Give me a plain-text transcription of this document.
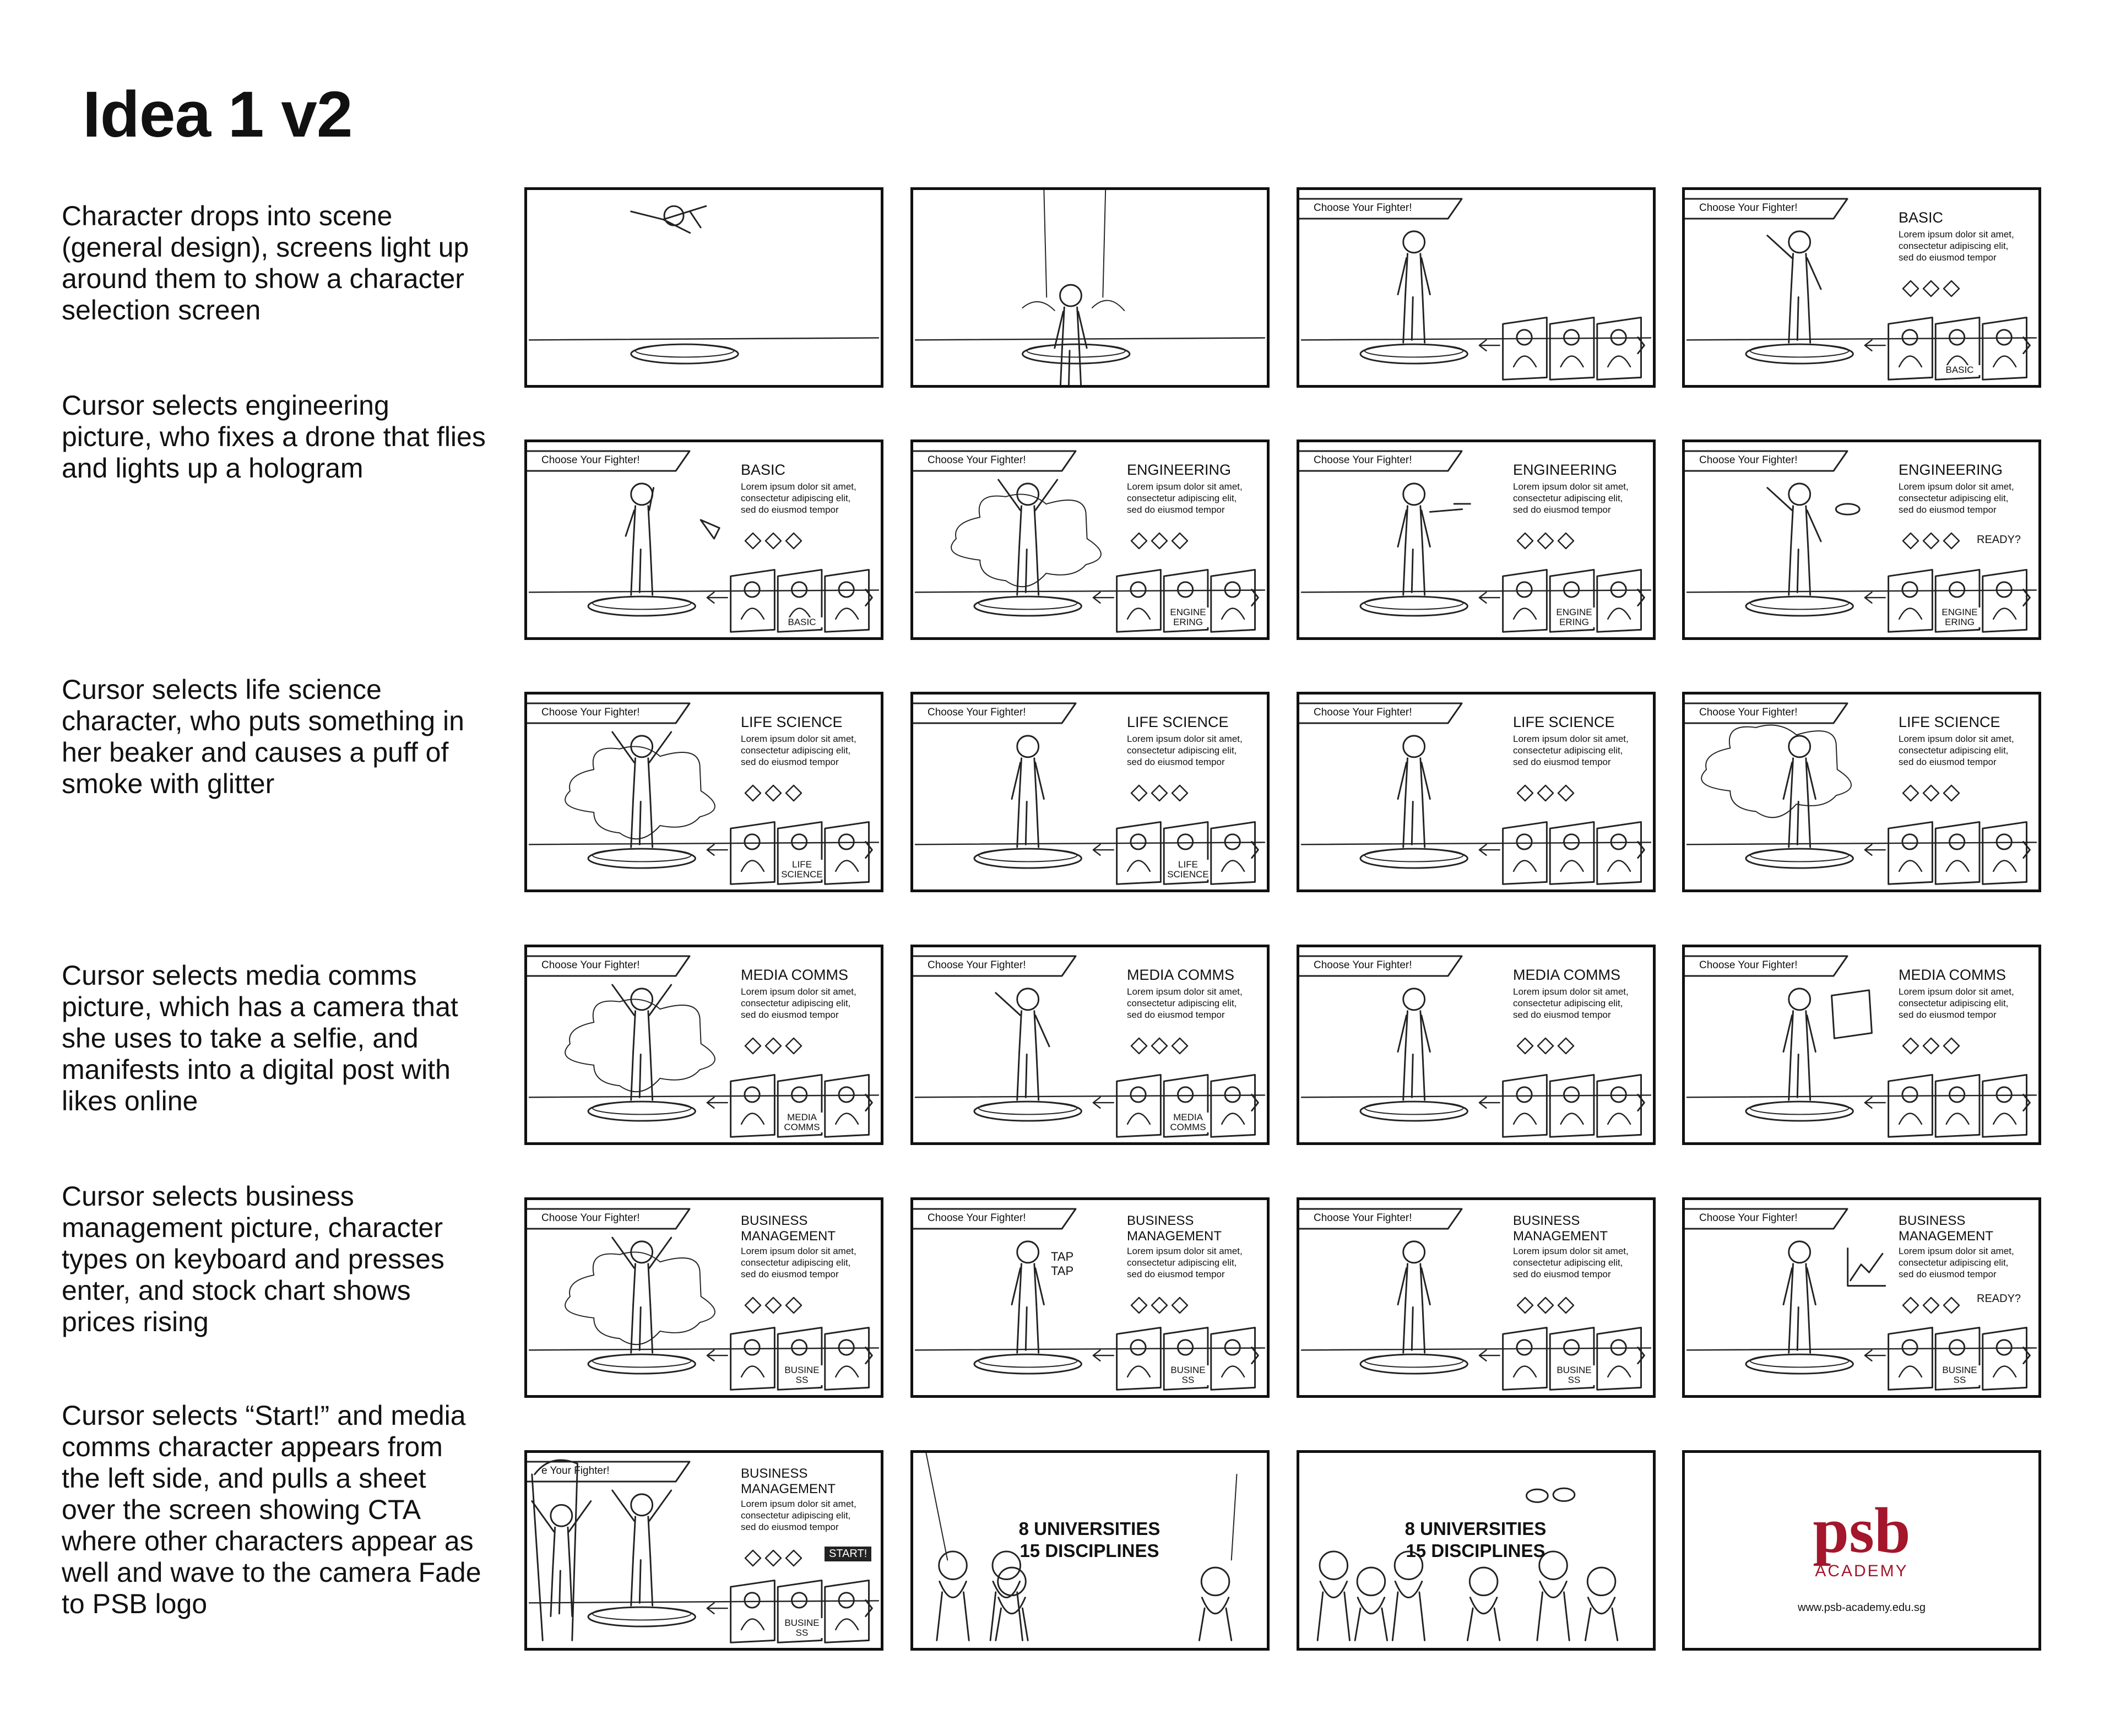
Idea 1 v2

Character drops into scene (general design), screens light up around them to show a character selection screen

Choose Your Fighter!	Choose Your Fighter!
BASIC
Lorem ipsum dolor sit amet, consectetur adipiscing elit, sed do eiusmod tempor
BASIC

Cursor selects engineering picture, who fixes a drone that flies and lights up a hologram	Choose Your Fighter!
BASIC
Lorem ipsum dolor sit amet, consectetur adipiscing elit, sed do eiusmod tempor
BASIC
Choose Your Fighter!
ENGINEERING
Lorem ipsum dolor sit amet, consectetur adipiscing elit, sed do eiusmod tempor
ENGINE
ERING
Choose Your Fighter!
ENGINEERING
Lorem ipsum dolor sit amet, consectetur adipiscing elit, sed do eiusmod tempor
ENGINE
ERING
Choose Your Fighter!
ENGINEERING
Lorem ipsum dolor sit amet, consectetur adipiscing elit, sed do eiusmod tempor
ENGINE
ERING
READY?

Cursor selects life science character, who puts something in her beaker and causes a puff of smoke with glitter

Choose Your Fighter!
LIFE SCIENCE
Lorem ipsum dolor sit amet, consectetur adipiscing elit, sed do eiusmod tempor
LIFE
SCIENCE
Choose Your Fighter!
LIFE SCIENCE
Lorem ipsum dolor sit amet, consectetur adipiscing elit, sed do eiusmod tempor
LIFE
SCIENCE
Choose Your Fighter!
LIFE SCIENCE
Lorem ipsum dolor sit amet, consectetur adipiscing elit, sed do eiusmod tempor
Choose Your Fighter!
LIFE SCIENCE
Lorem ipsum dolor sit amet, consectetur adipiscing elit, sed do eiusmod tempor

Cursor selects media comms picture, which has a camera that she uses to take a selfie, and manifests into a digital post with likes online

Choose Your Fighter!
MEDIA COMMS
Lorem ipsum dolor sit amet, consectetur adipiscing elit, sed do eiusmod tempor
MEDIA
COMMS
Choose Your Fighter!
MEDIA COMMS
Lorem ipsum dolor sit amet, consectetur adipiscing elit, sed do eiusmod tempor
MEDIA
COMMS
Choose Your Fighter!
MEDIA COMMS
Lorem ipsum dolor sit amet, consectetur adipiscing elit, sed do eiusmod tempor
Choose Your Fighter!
MEDIA COMMS
Lorem ipsum dolor sit amet, consectetur adipiscing elit, sed do eiusmod tempor

Cursor selects business management picture, character types on keyboard and presses enter, and stock chart shows prices rising

Choose Your Fighter!	BUSINESS MANAGEMENT
Lorem ipsum dolor sit amet, consectetur adipiscing elit, sed do eiusmod tempor
BUSINE
SS
Choose Your Fighter!	BUSINESS MANAGEMENT
Lorem ipsum dolor sit amet, consectetur adipiscing elit, sed do eiusmod tempor
BUSINE
SS
TAP TAP
Choose Your Fighter!	BUSINESS MANAGEMENT
Lorem ipsum dolor sit amet, consectetur adipiscing elit, sed do eiusmod tempor
BUSINE
SS
Choose Your Fighter!	BUSINESS MANAGEMENT
Lorem ipsum dolor sit amet, consectetur adipiscing elit, sed do eiusmod tempor
BUSINE
SS
READY?

Cursor selects “Start!” and media comms character appears from the left side, and pulls a sheet over the screen showing CTA where other characters appear as well and wave to the camera Fade to PSB logo

e Your Fighter!	BUSINESS MANAGEMENT
Lorem ipsum dolor sit amet, consectetur adipiscing elit, sed do eiusmod tempor
BUSINE
SS
START!
8 UNIVERSITIES 15 DISCIPLINES
8 UNIVERSITIES 15 DISCIPLINES	psb
ACADEMY
www.psb-academy.edu.sg
